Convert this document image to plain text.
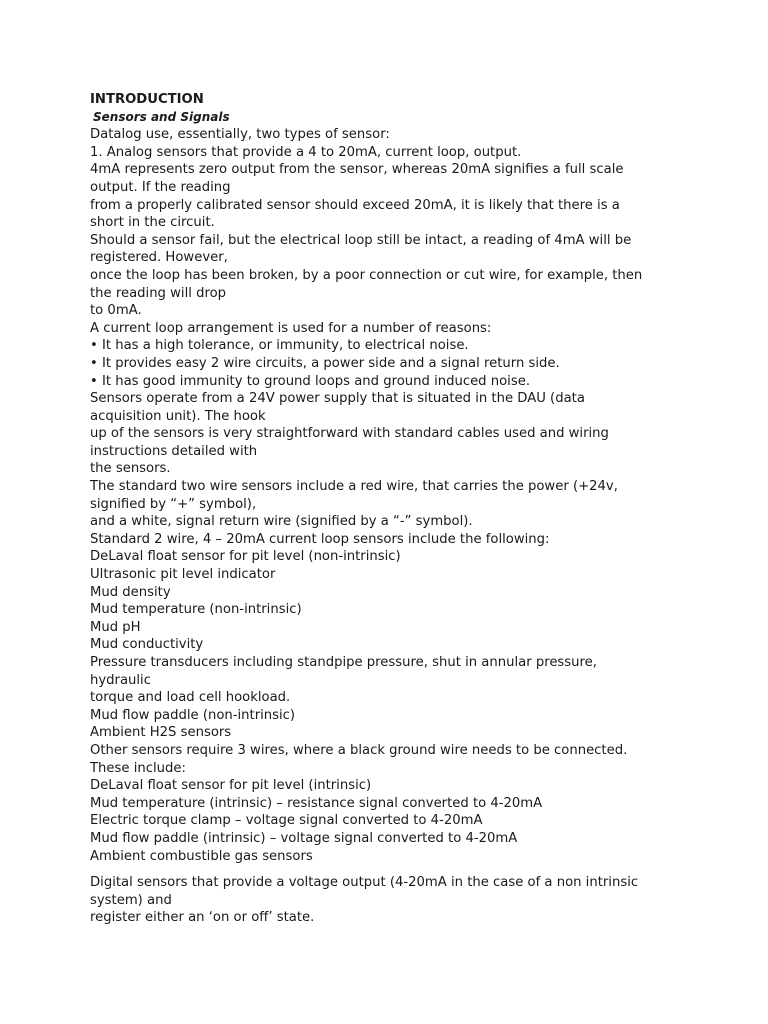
INTRODUCTION
Sensors and Signals
Datalog use, essentially, two types of sensor:
1. Analog sensors that provide a 4 to 20mA, current loop, output.
4mA represents zero output from the sensor, whereas 20mA signifies a full scale
output. If the reading
from a properly calibrated sensor should exceed 20mA, it is likely that there is a
short in the circuit.
Should a sensor fail, but the electrical loop still be intact, a reading of 4mA will be
registered. However,
once the loop has been broken, by a poor connection or cut wire, for example, then
the reading will drop
to 0mA.
A current loop arrangement is used for a number of reasons:
• It has a high tolerance, or immunity, to electrical noise.
• It provides easy 2 wire circuits, a power side and a signal return side.
• It has good immunity to ground loops and ground induced noise.
Sensors operate from a 24V power supply that is situated in the DAU (data
acquisition unit). The hook
up of the sensors is very straightforward with standard cables used and wiring
instructions detailed with
the sensors.
The standard two wire sensors include a red wire, that carries the power (+24v,
signified by “+” symbol),
and a white, signal return wire (signified by a “-” symbol).
Standard 2 wire, 4 – 20mA current loop sensors include the following:
DeLaval float sensor for pit level (non-intrinsic)
Ultrasonic pit level indicator
Mud density
Mud temperature (non-intrinsic)
Mud pH
Mud conductivity
Pressure transducers including standpipe pressure, shut in annular pressure,
hydraulic
torque and load cell hookload.
Mud flow paddle (non-intrinsic)
Ambient H2S sensors
Other sensors require 3 wires, where a black ground wire needs to be connected.
These include:
DeLaval float sensor for pit level (intrinsic)
Mud temperature (intrinsic) – resistance signal converted to 4-20mA
Electric torque clamp – voltage signal converted to 4-20mA
Mud flow paddle (intrinsic) – voltage signal converted to 4-20mA
Ambient combustible gas sensors
Digital sensors that provide a voltage output (4-20mA in the case of a non intrinsic
system) and
register either an ‘on or off’ state.
